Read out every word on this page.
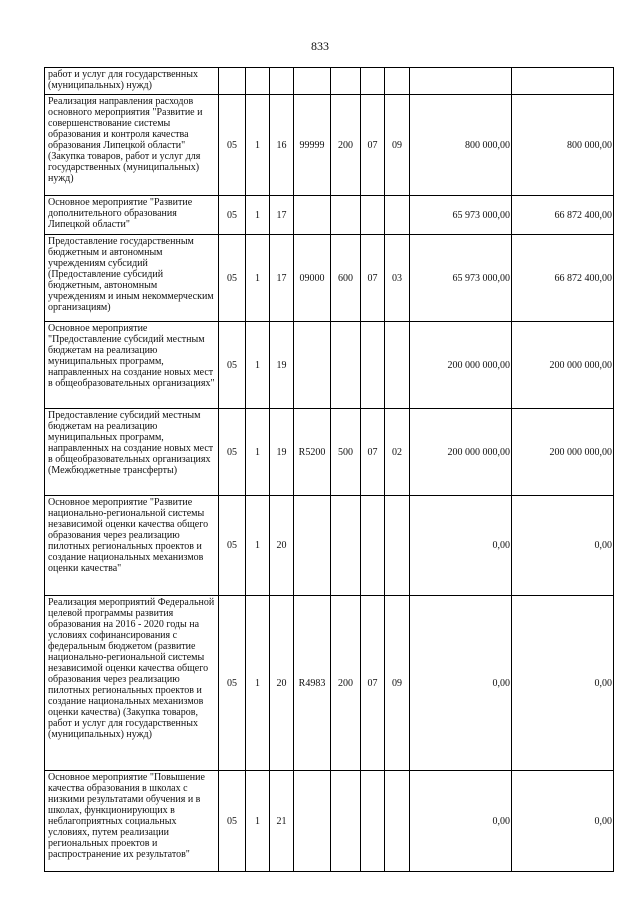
833
работ и услуг для государственных (муниципальных) нужд)									
Реализация направления расходов основного мероприятия "Развитие и совершенствование системы образования и контроля качества образования Липецкой области" (Закупка товаров, работ и услуг для государственных (муниципальных) нужд)	05	1	16	99999	200	07	09	800 000,00	800 000,00
Основное мероприятие "Развитие дополнительного образования Липецкой области"	05	1	17					65 973 000,00	66 872 400,00
Предоставление государственным бюджетным и автономным учреждениям субсидий (Предоставление субсидий бюджетным, автономным учреждениям и иным некоммерческим организациям)	05	1	17	09000	600	07	03	65 973 000,00	66 872 400,00
Основное мероприятие "Предоставление субсидий местным бюджетам на реализацию муниципальных программ, направленных на создание новых мест в общеобразовательных организациях"	05	1	19					200 000 000,00	200 000 000,00
Предоставление субсидий местным бюджетам на реализацию муниципальных программ, направленных на создание новых мест в общеобразовательных организациях (Межбюджетные трансферты)	05	1	19	R5200	500	07	02	200 000 000,00	200 000 000,00
Основное мероприятие "Развитие национально-региональной системы независимой оценки качества общего образования через реализацию пилотных региональных проектов и создание национальных механизмов оценки качества"	05	1	20					0,00	0,00
Реализация мероприятий Федеральной целевой программы развития образования на 2016 - 2020 годы на условиях софинансирования с федеральным бюджетом (развитие национально-региональной системы независимой оценки качества общего образования через реализацию пилотных региональных проектов и создание национальных механизмов оценки качества) (Закупка товаров, работ и услуг для государственных (муниципальных) нужд)	05	1	20	R4983	200	07	09	0,00	0,00
Основное мероприятие "Повышение качества образования в школах с низкими результатами обучения и в школах, функционирующих в неблагоприятных социальных условиях, путем реализации региональных проектов и распространение их результатов"	05	1	21					0,00	0,00
